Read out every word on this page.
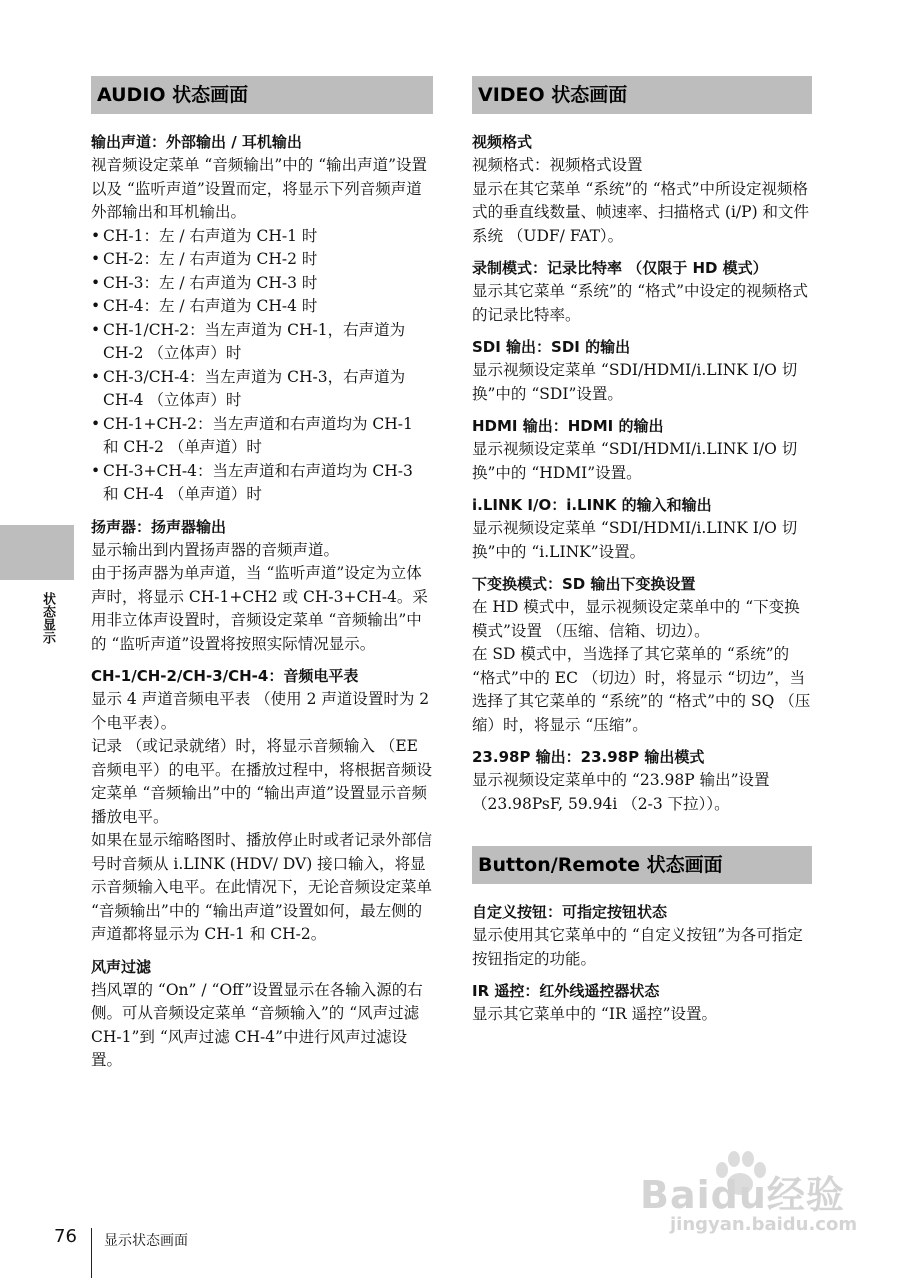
状态显示
AUDIO 状态画面
输出声道：外部输出 / 耳机输出
视音频设定菜单 “音频输出”中的 “输出声道”设置以及 “监听声道”设置而定，将显示下列音频声道外部输出和耳机输出。
• CH-1：左 / 右声道为 CH-1 时
• CH-2：左 / 右声道为 CH-2 时
• CH-3：左 / 右声道为 CH-3 时
• CH-4：左 / 右声道为 CH-4 时
• CH-1/CH-2：当左声道为 CH-1，右声道为 CH-2 （立体声）时
• CH-3/CH-4：当左声道为 CH-3，右声道为 CH-4 （立体声）时
• CH-1+CH-2：当左声道和右声道均为 CH-1 和 CH-2 （单声道）时
• CH-3+CH-4：当左声道和右声道均为 CH-3 和 CH-4 （单声道）时
扬声器：扬声器输出
显示输出到内置扬声器的音频声道。
由于扬声器为单声道，当 “监听声道”设定为立体声时，将显示 CH-1+CH2 或 CH-3+CH-4。采用非立体声设置时，音频设定菜单 “音频输出”中的 “监听声道”设置将按照实际情况显示。
CH-1/CH-2/CH-3/CH-4：音频电平表
显示 4 声道音频电平表 （使用 2 声道设置时为 2 个电平表）。
记录 （或记录就绪）时，将显示音频输入 （EE 音频电平）的电平。在播放过程中，将根据音频设定菜单 “音频输出”中的 “输出声道”设置显示音频播放电平。
如果在显示缩略图时、播放停止时或者记录外部信号时音频从 i.LINK (HDV/ DV) 接口输入，将显示音频输入电平。在此情况下，无论音频设定菜单 “音频输出”中的 “输出声道”设置如何，最左侧的声道都将显示为 CH-1 和 CH-2。
风声过滤
挡风罩的 “On” / “Off”设置显示在各输入源的右侧。可从音频设定菜单 “音频输入”的 “风声过滤 CH-1”到 “风声过滤 CH-4”中进行风声过滤设置。
VIDEO 状态画面
视频格式
视频格式：视频格式设置
显示在其它菜单 “系统”的 “格式”中所设定视频格式的垂直线数量、帧速率、扫描格式 (i/P) 和文件系统 （UDF/ FAT）。
录制模式：记录比特率 （仅限于 HD 模式）
显示其它菜单 “系统”的 “格式”中设定的视频格式的记录比特率。
SDI 输出：SDI 的输出
显示视频设定菜单 “SDI/HDMI/i.LINK I/O 切换”中的 “SDI”设置。
HDMI 输出：HDMI 的输出
显示视频设定菜单 “SDI/HDMI/i.LINK I/O 切换”中的 “HDMI”设置。
i.LINK I/O：i.LINK 的输入和输出
显示视频设定菜单 “SDI/HDMI/i.LINK I/O 切换”中的 “i.LINK”设置。
下变换模式：SD 输出下变换设置
在 HD 模式中，显示视频设定菜单中的 “下变换模式”设置 （压缩、信箱、切边）。
在 SD 模式中，当选择了其它菜单的 “系统”的 “格式”中的 EC （切边）时，将显示 “切边”，当选择了其它菜单的 “系统”的 “格式”中的 SQ （压缩）时，将显示 “压缩”。
23.98P 输出：23.98P 输出模式
显示视频设定菜单中的 “23.98P 输出”设置 （23.98PsF, 59.94i （2-3 下拉））。
Button/Remote 状态画面
自定义按钮：可指定按钮状态
显示使用其它菜单中的 “自定义按钮”为各可指定按钮指定的功能。
IR 遥控：红外线遥控器状态
显示其它菜单中的 “IR 遥控”设置。
76 显示状态画面
Baidu经验
jingyan.baidu.com
